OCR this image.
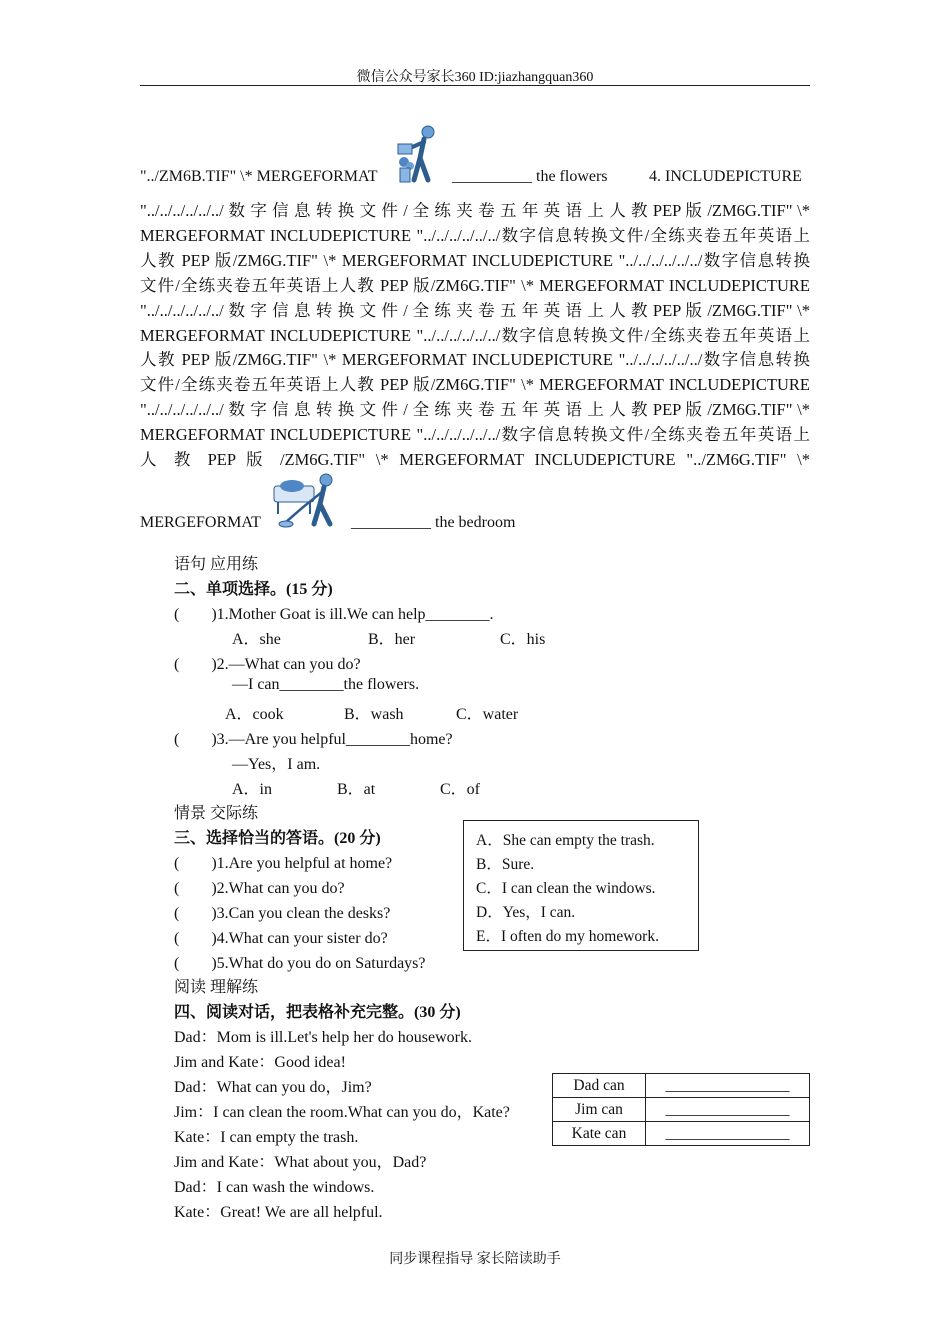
微信公众号家长360 ID:jiazhangquan360
"../ZM6B.TIF" \* MERGEFORMAT	__________ the flowers	4. INCLUDEPICTURE
"../../../../../../ 数 字 信 息 转 换 文 件 / 全 练 夹 卷 五 年 英 语 上 人 教 PEP 版 /ZM6G.TIF" \*
MERGEFORMAT INCLUDEPICTURE "../../../../../../数字信息转换文件/全练夹卷五年英语上
人教 PEP 版/ZM6G.TIF" \* MERGEFORMAT INCLUDEPICTURE "../../../../../../数字信息转换
文件/全练夹卷五年英语上人教 PEP 版/ZM6G.TIF" \* MERGEFORMAT INCLUDEPICTURE
"../../../../../../ 数 字 信 息 转 换 文 件 / 全 练 夹 卷 五 年 英 语 上 人 教 PEP 版 /ZM6G.TIF" \*
MERGEFORMAT INCLUDEPICTURE "../../../../../../数字信息转换文件/全练夹卷五年英语上
人教 PEP 版/ZM6G.TIF" \* MERGEFORMAT INCLUDEPICTURE "../../../../../../数字信息转换
文件/全练夹卷五年英语上人教 PEP 版/ZM6G.TIF" \* MERGEFORMAT INCLUDEPICTURE
"../../../../../../ 数 字 信 息 转 换 文 件 / 全 练 夹 卷 五 年 英 语 上 人 教 PEP 版 /ZM6G.TIF" \*
MERGEFORMAT INCLUDEPICTURE "../../../../../../数字信息转换文件/全练夹卷五年英语上
人 教 PEP 版 /ZM6G.TIF" \* MERGEFORMAT INCLUDEPICTURE "../ZM6G.TIF" \*
MERGEFORMAT	__________ the bedroom
语句 应用练
二、单项选择。(15 分)
(　　)1.Mother Goat is ill.We can help________.
A．she	B．her	C．his
(　　)2.—What can you do?
—I can________the flowers.
A．cook	B．wash	C．water
(　　)3.—Are you helpful________home?
—Yes，I am.
A．in	B．at	C．of
情景 交际练
三、选择恰当的答语。(20 分)
(　　)1.Are you helpful at home?
(　　)2.What can you do?
(　　)3.Can you clean the desks?
(　　)4.What can your sister do?
(　　)5.What do you do on Saturdays?
A．She can empty the trash.
B．Sure.
C．I can clean the windows.
D．Yes，I can.
E．I often do my homework.
阅读 理解练
四、阅读对话，把表格补充完整。(30 分)
Dad：Mom is ill.Let's help her do housework.
Jim and Kate：Good idea!
Dad：What can you do，Jim?
Jim：I can clean the room.What can you do，Kate?
Kate：I can empty the trash.
Jim and Kate：What about you，Dad?
Dad：I can wash the windows.
Kate：Great! We are all helpful.
Dad can	________________
Jim can	________________
Kate can	________________
同步课程指导 家长陪读助手
